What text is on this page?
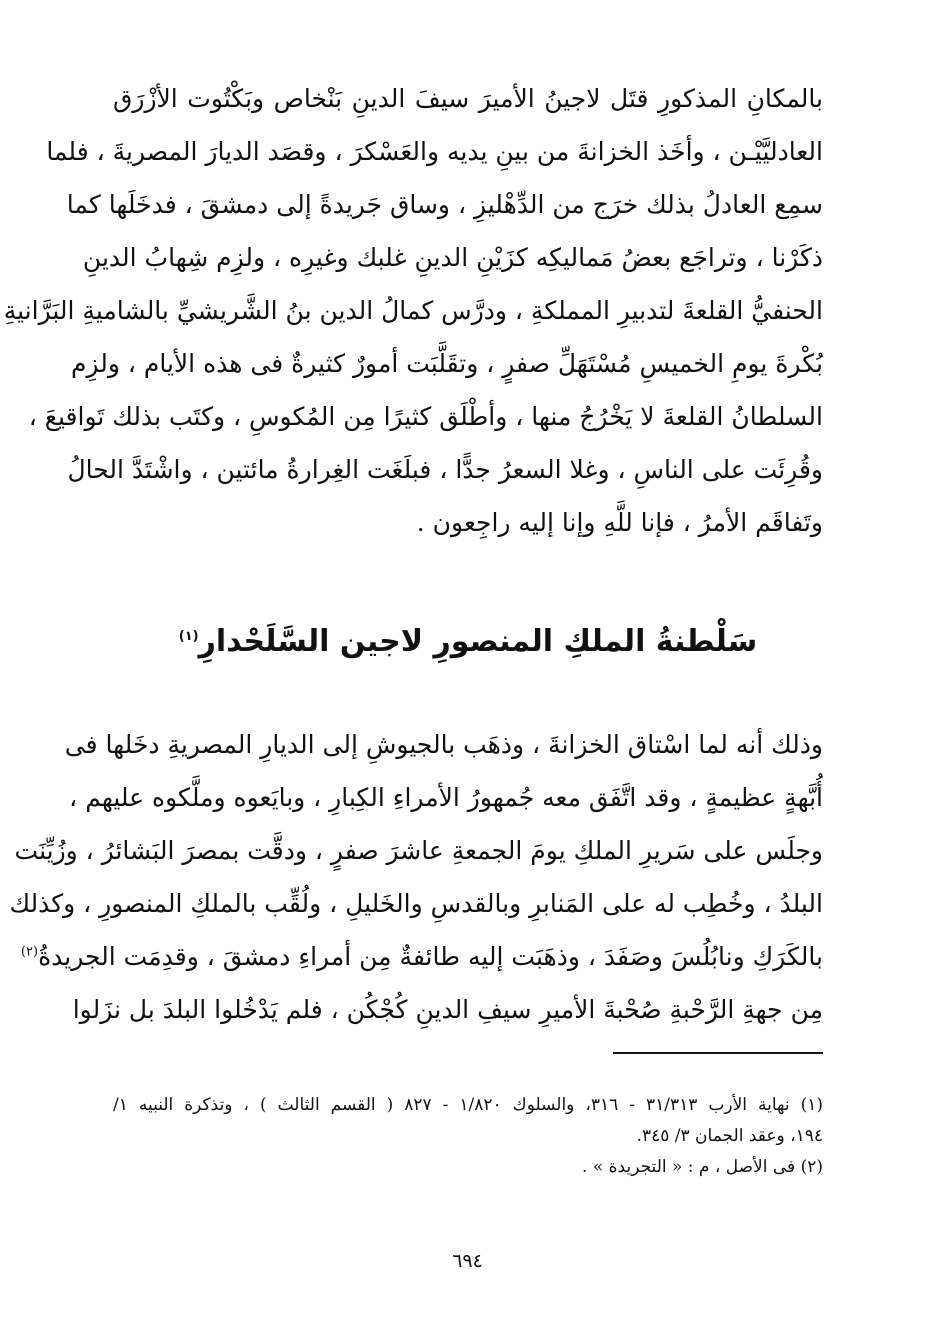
بالمكانِ المذكورِ قتَل لاجينُ الأميرَ سيفَ الدينِ بَنْخاص وبَكْتُوت الأزْرَق
العادليَّيْـن ، وأخَذ الخزانةَ من بينِ يديه والعَسْكرَ ، وقصَد الديارَ المصريةَ ، فلما
سمِع العادلُ بذلك خرَج من الدِّهْليزِ ، وساق جَريدةً إلى دمشقَ ، فدخَلَها كما
ذكَرْنا ، وتراجَع بعضُ مَماليكِه كزَيْنِ الدينِ غلبك وغيرِه ، ولزِم شِهابُ الدينِ
الحنفيُّ القلعةَ لتدبيرِ المملكةِ ، ودرَّس كمالُ الدين بنُ الشَّريشيِّ بالشاميةِ البَرَّانيةِ
بُكْرةَ يومِ الخميسِ مُسْتَهَلِّ صفرٍ ، وتقَلَّبَت أمورٌ كثيرةٌ فى هذه الأيام ، ولزِم
السلطانُ القلعةَ لا يَخْرُجُ منها ، وأطْلَق كثيرًا مِن المُكوسِ ، وكتَب بذلك تَواقيعَ ،
وقُرِئَت على الناسِ ، وغلا السعرُ جدًّا ، فبلَغَت الغِرارةُ مائتين ، واشْتَدَّ الحالُ
وتَفاقَم الأمرُ ، فإنا للَّهِ وإنا إليه راجِعون .
سَلْطنةُ الملكِ المنصورِ لاجين السَّلَحْدارِ$^{(١)}$
وذلك أنه لما اسْتاق الخزانةَ ، وذهَب بالجيوشِ إلى الديارِ المصريةِ دخَلها فى
أُبَّهةٍ عظيمةٍ ، وقد اتَّفَق معه جُمهورُ الأمراءِ الكِبارِ ، وبايَعوه وملَّكوه عليهم ،
وجلَس على سَريرِ الملكِ يومَ الجمعةِ عاشرَ صفرٍ ، ودقَّت بمصرَ البَشائرُ ، وزُيِّنَت
البلدُ ، وخُطِب له على المَنابرِ وبالقدسِ والخَليلِ ، ولُقِّب بالملكِ المنصورِ ، وكذلك
بالكَرَكِ ونابُلُسَ وصَفَدَ ، وذهَبَت إليه طائفةٌ مِن أمراءِ دمشقَ ، وقدِمَت الجريدةُ$^{(٢)}$
مِن جهةِ الرَّحْبةِ صُحْبةَ الأميرِ سيفِ الدينِ كُجْكُن ، فلم يَدْخُلوا البلدَ بل نزَلوا
(١) نهاية الأرب ٣١/٣١٣ - ٣١٦، والسلوك ١/٨٢٠ - ٨٢٧ ( القسم الثالث ) ، وتذكرة النبيه ١/
١٩٤، وعقد الجمان ٣/ ٣٤٥.
(٢) فى الأصل ، م : « التجريدة » .
٦٩٤
